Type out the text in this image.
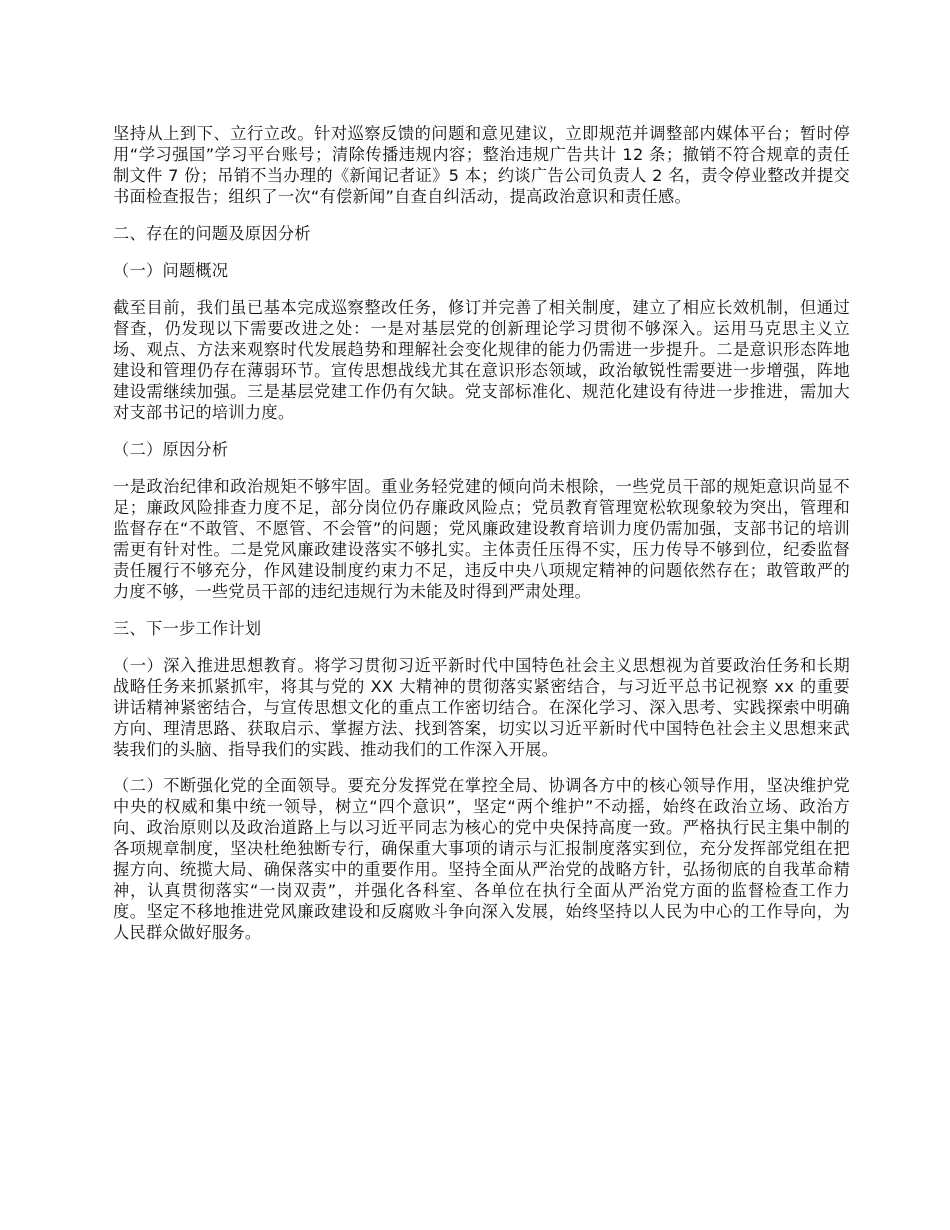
坚持从上到下、立行立改。针对巡察反馈的问题和意见建议，立即规范并调整部内媒体平台；暂时停用“学习强国”学习平台账号；清除传播违规内容；整治违规广告共计 12 条；撤销不符合规章的责任制文件 7 份；吊销不当办理的《新闻记者证》5 本；约谈广告公司负责人 2 名，责令停业整改并提交书面检查报告；组织了一次“有偿新闻”自查自纠活动，提高政治意识和责任感。

二、存在的问题及原因分析

（一）问题概况

截至目前，我们虽已基本完成巡察整改任务，修订并完善了相关制度，建立了相应长效机制，但通过督查，仍发现以下需要改进之处：一是对基层党的创新理论学习贯彻不够深入。运用马克思主义立场、观点、方法来观察时代发展趋势和理解社会变化规律的能力仍需进一步提升。二是意识形态阵地建设和管理仍存在薄弱环节。宣传思想战线尤其在意识形态领域，政治敏锐性需要进一步增强，阵地建设需继续加强。三是基层党建工作仍有欠缺。党支部标准化、规范化建设有待进一步推进，需加大对支部书记的培训力度。

（二）原因分析

一是政治纪律和政治规矩不够牢固。重业务轻党建的倾向尚未根除，一些党员干部的规矩意识尚显不足；廉政风险排查力度不足，部分岗位仍存廉政风险点；党员教育管理宽松软现象较为突出，管理和监督存在“不敢管、不愿管、不会管”的问题；党风廉政建设教育培训力度仍需加强，支部书记的培训需更有针对性。二是党风廉政建设落实不够扎实。主体责任压得不实，压力传导不够到位，纪委监督责任履行不够充分，作风建设制度约束力不足，违反中央八项规定精神的问题依然存在；敢管敢严的力度不够，一些党员干部的违纪违规行为未能及时得到严肃处理。

三、下一步工作计划

（一）深入推进思想教育。将学习贯彻习近平新时代中国特色社会主义思想视为首要政治任务和长期战略任务来抓紧抓牢，将其与党的 XX 大精神的贯彻落实紧密结合，与习近平总书记视察 xx 的重要讲话精神紧密结合，与宣传思想文化的重点工作密切结合。在深化学习、深入思考、实践探索中明确方向、理清思路、获取启示、掌握方法、找到答案，切实以习近平新时代中国特色社会主义思想来武装我们的头脑、指导我们的实践、推动我们的工作深入开展。

（二）不断强化党的全面领导。要充分发挥党在掌控全局、协调各方中的核心领导作用，坚决维护党中央的权威和集中统一领导，树立“四个意识”，坚定“两个维护”不动摇，始终在政治立场、政治方向、政治原则以及政治道路上与以习近平同志为核心的党中央保持高度一致。严格执行民主集中制的各项规章制度，坚决杜绝独断专行，确保重大事项的请示与汇报制度落实到位，充分发挥部党组在把握方向、统揽大局、确保落实中的重要作用。坚持全面从严治党的战略方针，弘扬彻底的自我革命精神，认真贯彻落实“一岗双责”，并强化各科室、各单位在执行全面从严治党方面的监督检查工作力度。坚定不移地推进党风廉政建设和反腐败斗争向深入发展，始终坚持以人民为中心的工作导向，为人民群众做好服务。
